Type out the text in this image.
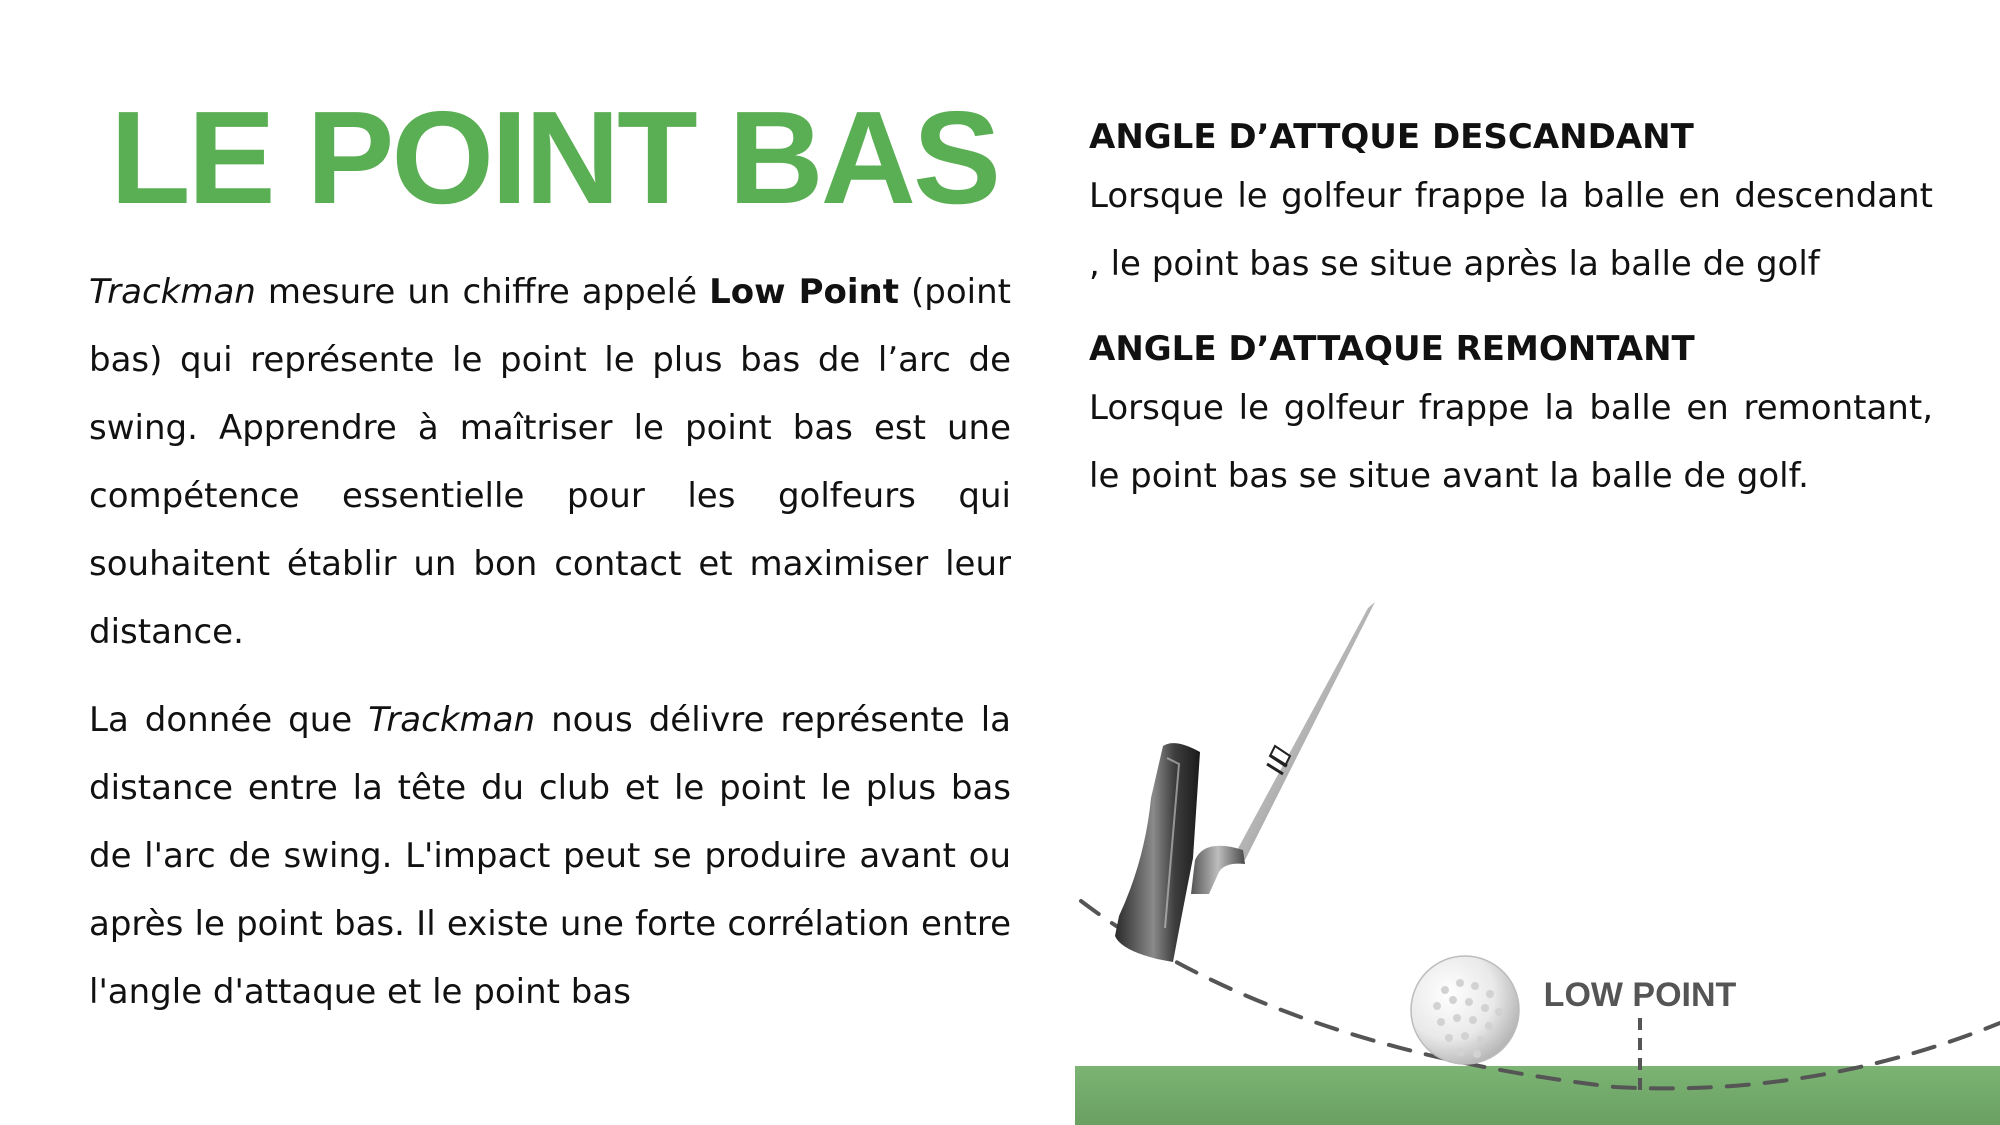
LE POINT BAS

Trackman mesure un chiffre appelé Low Point (point bas) qui représente le point le plus bas de l’arc de swing. Apprendre à maîtriser le point bas est une compétence essentielle pour les golfeurs qui souhaitent établir un bon contact et maximiser leur distance.

La donnée que Trackman nous délivre représente la distance entre la tête du club et le point le plus bas de l'arc de swing. L'impact peut se produire avant ou après le point bas. Il existe une forte corrélation entre l'angle d'attaque et le point bas

ANGLE D’ATTQUE DESCANDANT

Lorsque le golfeur frappe la balle en descendant , le point bas se situe après la balle de golf

ANGLE D’ATTAQUE REMONTANT

Lorsque le golfeur frappe la balle en remontant, le point bas se situe avant la balle de golf.

LOW POINT
